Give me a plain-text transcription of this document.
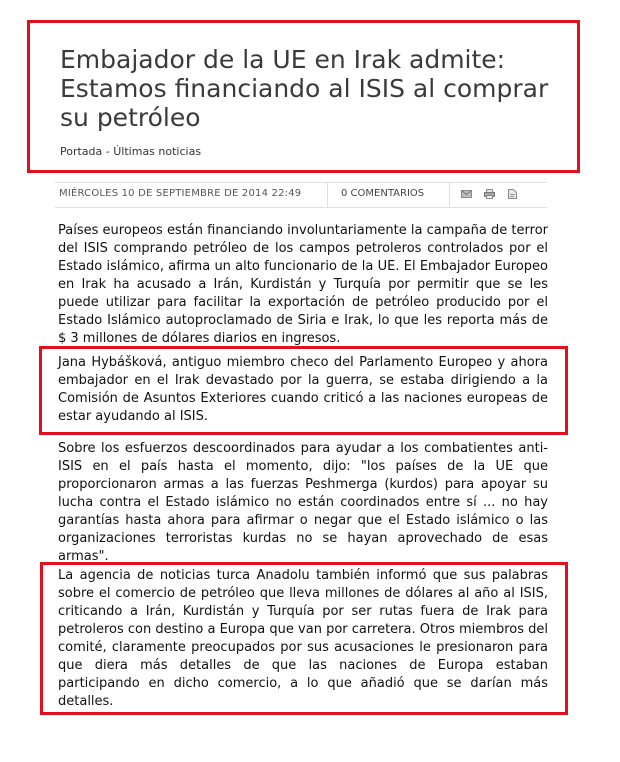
Embajador de la UE en Irak admite: Estamos financiando al ISIS al comprar su petróleo
Portada - Últimas noticias
MIÉRCOLES 10 DE SEPTIEMBRE DE 2014 22:49	0 COMENTARIOS

Países europeos están financiando involuntariamente la campaña de terror del ISIS comprando petróleo de los campos petroleros controlados por el Estado islámico, afirma un alto funcionario de la UE. El Embajador Europeo en Irak ha acusado a Irán, Kurdistán y Turquía por permitir que se les puede utilizar para facilitar la exportación de petróleo producido por el Estado Islámico autoproclamado de Siria e Irak, lo que les reporta más de $ 3 millones de dólares diarios en ingresos.

Jana Hybášková, antiguo miembro checo del Parlamento Europeo y ahora embajador en el Irak devastado por la guerra, se estaba dirigiendo a la Comisión de Asuntos Exteriores cuando criticó a las naciones europeas de estar ayudando al ISIS.

Sobre los esfuerzos descoordinados para ayudar a los combatientes anti-ISIS en el país hasta el momento, dijo: "los países de la UE que proporcionaron armas a las fuerzas Peshmerga (kurdos) para apoyar su lucha contra el Estado islámico no están coordinados entre sí ... no hay garantías hasta ahora para afirmar o negar que el Estado islámico o las organizaciones terroristas kurdas no se hayan aprovechado de esas armas".

La agencia de noticias turca Anadolu también informó que sus palabras sobre el comercio de petróleo que lleva millones de dólares al año al ISIS, criticando a Irán, Kurdistán y Turquía por ser rutas fuera de Irak para petroleros con destino a Europa que van por carretera. Otros miembros del comité, claramente preocupados por sus acusaciones le presionaron para que diera más detalles de que las naciones de Europa estaban participando en dicho comercio, a lo que añadió que se darían más detalles.
